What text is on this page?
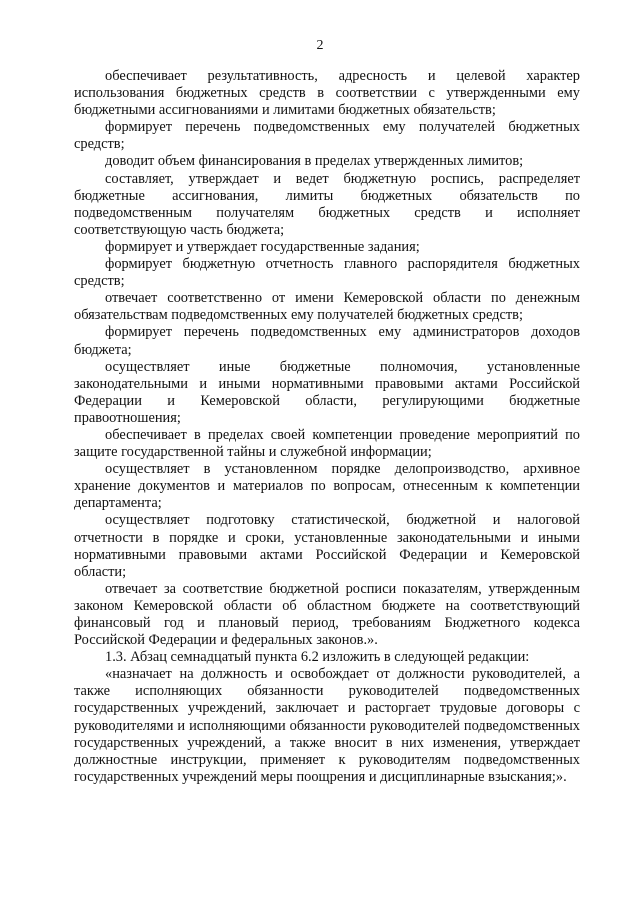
2

обеспечивает результативность, адресность и целевой характер использования бюджетных средств в соответствии с утвержденными ему бюджетными ассигнованиями и лимитами бюджетных обязательств;

формирует перечень подведомственных ему получателей бюджетных средств;

доводит объем финансирования в пределах утвержденных лимитов;

составляет, утверждает и ведет бюджетную роспись, распределяет бюджетные ассигнования, лимиты бюджетных обязательств по подведомственным получателям бюджетных средств и исполняет соответствующую часть бюджета;

формирует и утверждает государственные задания;

формирует бюджетную отчетность главного распорядителя бюджетных средств;

отвечает соответственно от имени Кемеровской области по денежным обязательствам подведомственных ему получателей бюджетных средств;

формирует перечень подведомственных ему администраторов доходов бюджета;

осуществляет иные бюджетные полномочия, установленные законодательными и иными нормативными правовыми актами Российской Федерации и Кемеровской области, регулирующими бюджетные правоотношения;

обеспечивает в пределах своей компетенции проведение мероприятий по защите государственной тайны и служебной информации;

осуществляет в установленном порядке делопроизводство, архивное хранение документов и материалов по вопросам, отнесенным к компетенции департамента;

осуществляет подготовку статистической, бюджетной и налоговой отчетности в порядке и сроки, установленные законодательными и иными нормативными правовыми актами Российской Федерации и Кемеровской области;

отвечает за соответствие бюджетной росписи показателям, утвержденным законом Кемеровской области об областном бюджете на соответствующий финансовый год и плановый период, требованиям Бюджетного кодекса Российской Федерации и федеральных законов.».

1.3. Абзац семнадцатый пункта 6.2 изложить в следующей редакции:

«назначает на должность и освобождает от должности руководителей, а также исполняющих обязанности руководителей подведомственных государственных учреждений, заключает и расторгает трудовые договоры с руководителями и исполняющими обязанности руководителей подведомственных государственных учреждений, а также вносит в них изменения, утверждает должностные инструкции, применяет к руководителям подведомственных государственных учреждений меры поощрения и дисциплинарные взыскания;».
